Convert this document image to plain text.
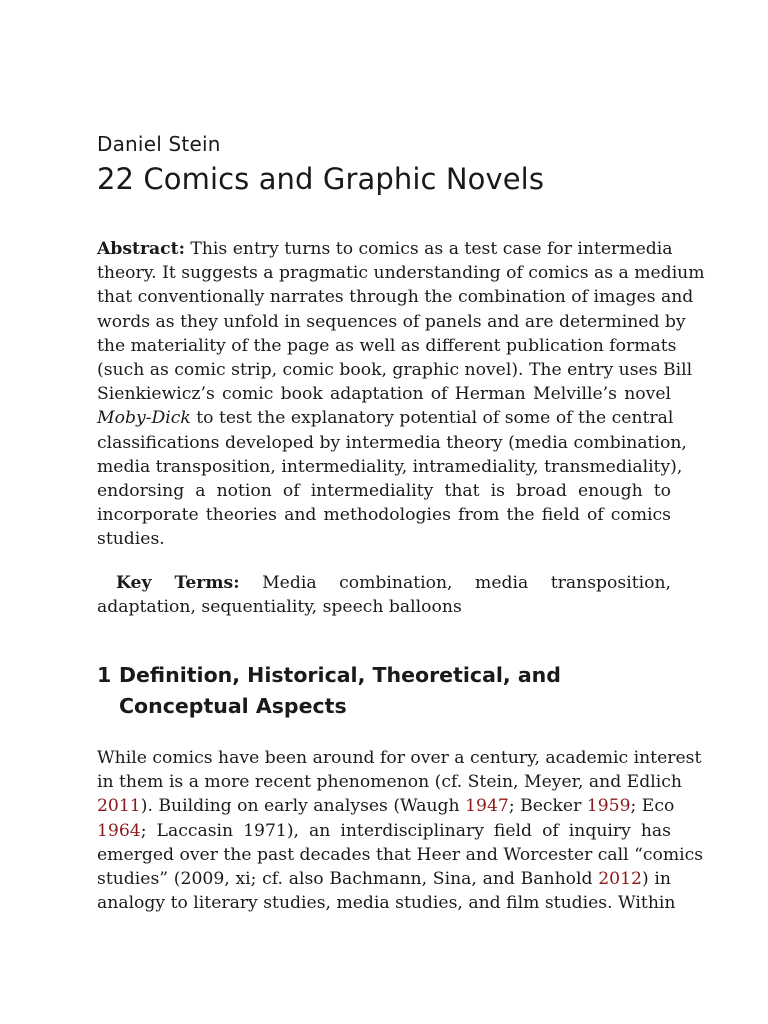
Daniel Stein
22 Comics and Graphic Novels
Abstract: This entry turns to comics as a test case for intermedia
theory. It suggests a pragmatic understanding of comics as a medium
that conventionally narrates through the combination of images and
words as they unfold in sequences of panels and are determined by
the materiality of the page as well as different publication formats
(such as comic strip, comic book, graphic novel). The entry uses Bill
Sienkiewicz’s comic book adaptation of Herman Melville’s novel
Moby-Dick to test the explanatory potential of some of the central
classifications developed by intermedia theory (media combination,
media transposition, intermediality, intramediality, transmediality),
endorsing a notion of intermediality that is broad enough to
incorporate theories and methodologies from the field of comics
studies.
Key Terms: Media combination, media transposition,
adaptation, sequentiality, speech balloons
1 Definition, Historical, Theoretical, and
Conceptual Aspects
While comics have been around for over a century, academic interest
in them is a more recent phenomenon (cf. Stein, Meyer, and Edlich
2011). Building on early analyses (Waugh 1947; Becker 1959; Eco
1964; Laccasin 1971), an interdisciplinary field of inquiry has
emerged over the past decades that Heer and Worcester call “comics
studies” (2009, xi; cf. also Bachmann, Sina, and Banhold 2012) in
analogy to literary studies, media studies, and film studies. Within
